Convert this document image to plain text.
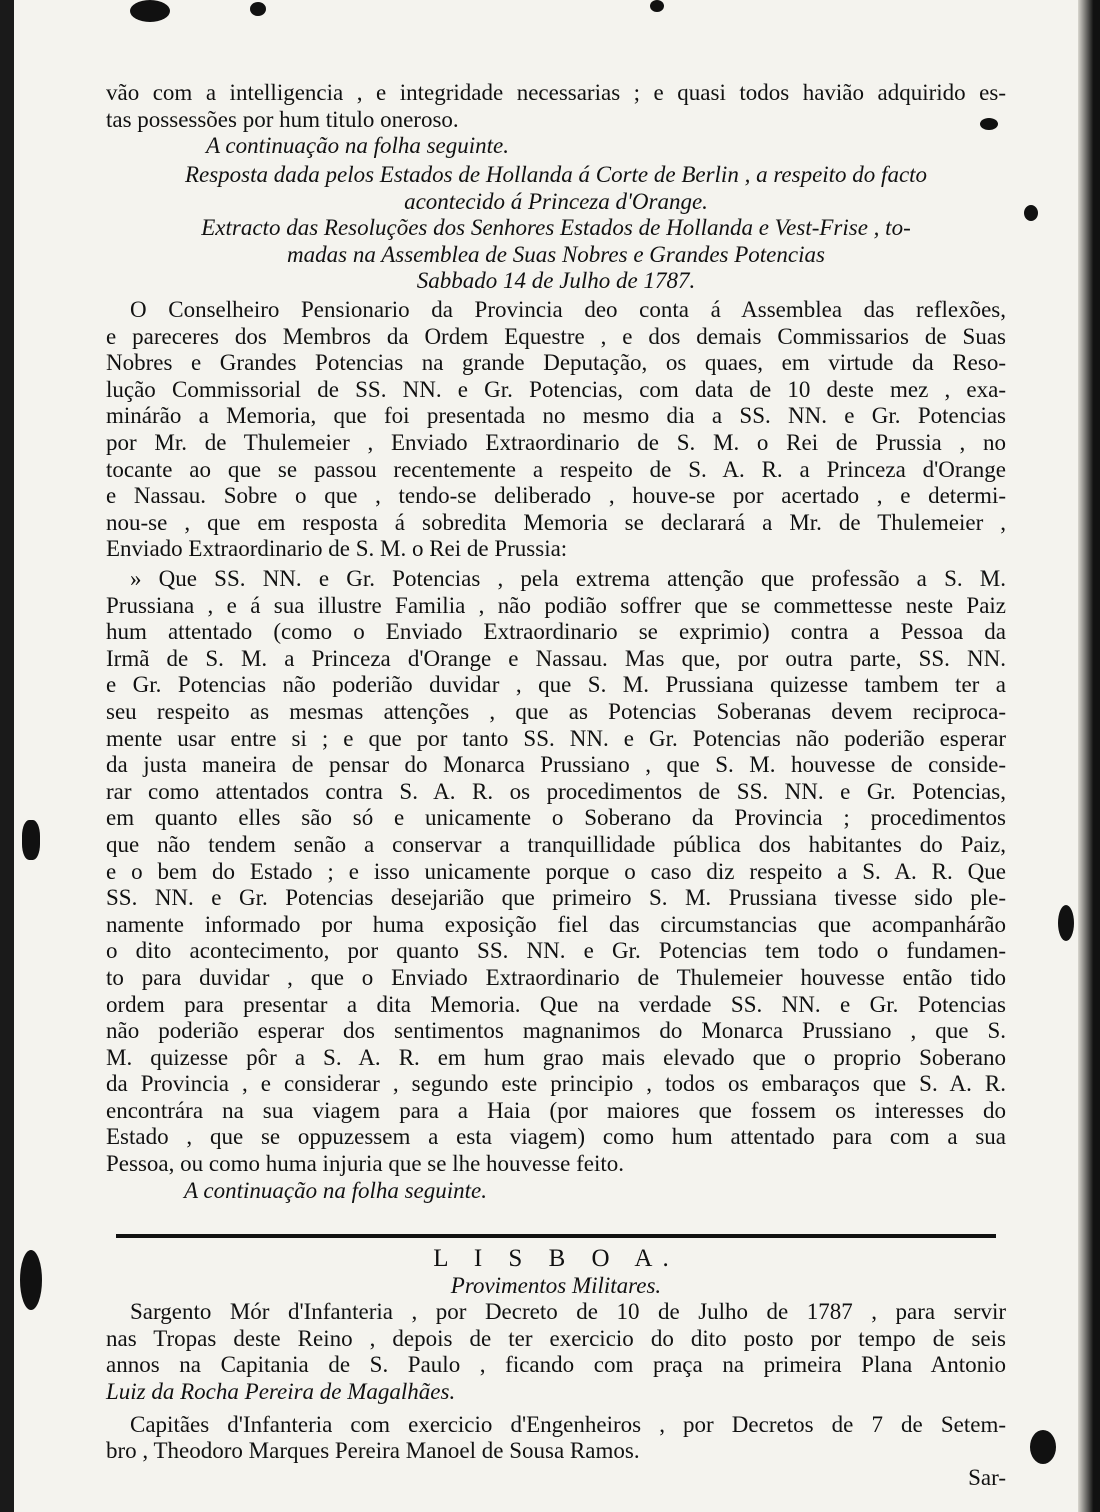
vão com a intelligencia , e integridade necessarias ; e quasi todos havião adquirido es-
tas possessões por hum titulo oneroso.
A continuação na folha seguinte.
Resposta dada pelos Estados de Hollanda á Corte de Berlin , a respeito do facto
acontecido á Princeza d'Orange.
Extracto das Resoluções dos Senhores Estados de Hollanda e Vest-Frise , to-
madas na Assemblea de Suas Nobres e Grandes Potencias
Sabbado 14 de Julho de 1787.
O Conselheiro Pensionario da Provincia deo conta á Assemblea das reflexões,
e pareceres dos Membros da Ordem Equestre , e dos demais Commissarios de Suas
Nobres e Grandes Potencias na grande Deputação, os quaes, em virtude da Reso-
lução Commissorial de SS. NN. e Gr. Potencias, com data de 10 deste mez , exa-
minárão a Memoria, que foi presentada no mesmo dia a SS. NN. e Gr. Potencias
por Mr. de Thulemeier , Enviado Extraordinario de S. M. o Rei de Prussia , no
tocante ao que se passou recentemente a respeito de S. A. R. a Princeza d'Orange
e Nassau. Sobre o que , tendo-se deliberado , houve-se por acertado , e determi-
nou-se , que em resposta á sobredita Memoria se declarará a Mr. de Thulemeier ,
Enviado Extraordinario de S. M. o Rei de Prussia:
» Que SS. NN. e Gr. Potencias , pela extrema attenção que professão a S. M.
Prussiana , e á sua illustre Familia , não podião soffrer que se commettesse neste Paiz
hum attentado (como o Enviado Extraordinario se exprimio) contra a Pessoa da
Irmã de S. M. a Princeza d'Orange e Nassau. Mas que, por outra parte, SS. NN.
e Gr. Potencias não poderião duvidar , que S. M. Prussiana quizesse tambem ter a
seu respeito as mesmas attenções , que as Potencias Soberanas devem reciproca-
mente usar entre si ; e que por tanto SS. NN. e Gr. Potencias não poderião esperar
da justa maneira de pensar do Monarca Prussiano , que S. M. houvesse de conside-
rar como attentados contra S. A. R. os procedimentos de SS. NN. e Gr. Potencias,
em quanto elles são só e unicamente o Soberano da Provincia ; procedimentos
que não tendem senão a conservar a tranquillidade pública dos habitantes do Paiz,
e o bem do Estado ; e isso unicamente porque o caso diz respeito a S. A. R. Que
SS. NN. e Gr. Potencias desejarião que primeiro S. M. Prussiana tivesse sido ple-
namente informado por huma exposição fiel das circumstancias que acompanhárão
o dito acontecimento, por quanto SS. NN. e Gr. Potencias tem todo o fundamen-
to para duvidar , que o Enviado Extraordinario de Thulemeier houvesse então tido
ordem para presentar a dita Memoria. Que na verdade SS. NN. e Gr. Potencias
não poderião esperar dos sentimentos magnanimos do Monarca Prussiano , que S.
M. quizesse pôr a S. A. R. em hum grao mais elevado que o proprio Soberano
da Provincia , e considerar , segundo este principio , todos os embaraços que S. A. R.
encontrára na sua viagem para a Haia (por maiores que fossem os interesses do
Estado , que se oppuzessem a esta viagem) como hum attentado para com a sua
Pessoa, ou como huma injuria que se lhe houvesse feito.
A continuação na folha seguinte.
L I S B O A.
Provimentos Militares.
Sargento Mór d'Infanteria , por Decreto de 10 de Julho de 1787 , para servir
nas Tropas deste Reino , depois de ter exercicio do dito posto por tempo de seis
annos na Capitania de S. Paulo , ficando com praça na primeira Plana Antonio
Luiz da Rocha Pereira de Magalhães.
Capitães d'Infanteria com exercicio d'Engenheiros , por Decretos de 7 de Setem-
bro , Theodoro Marques Pereira Manoel de Sousa Ramos.
Sar-
